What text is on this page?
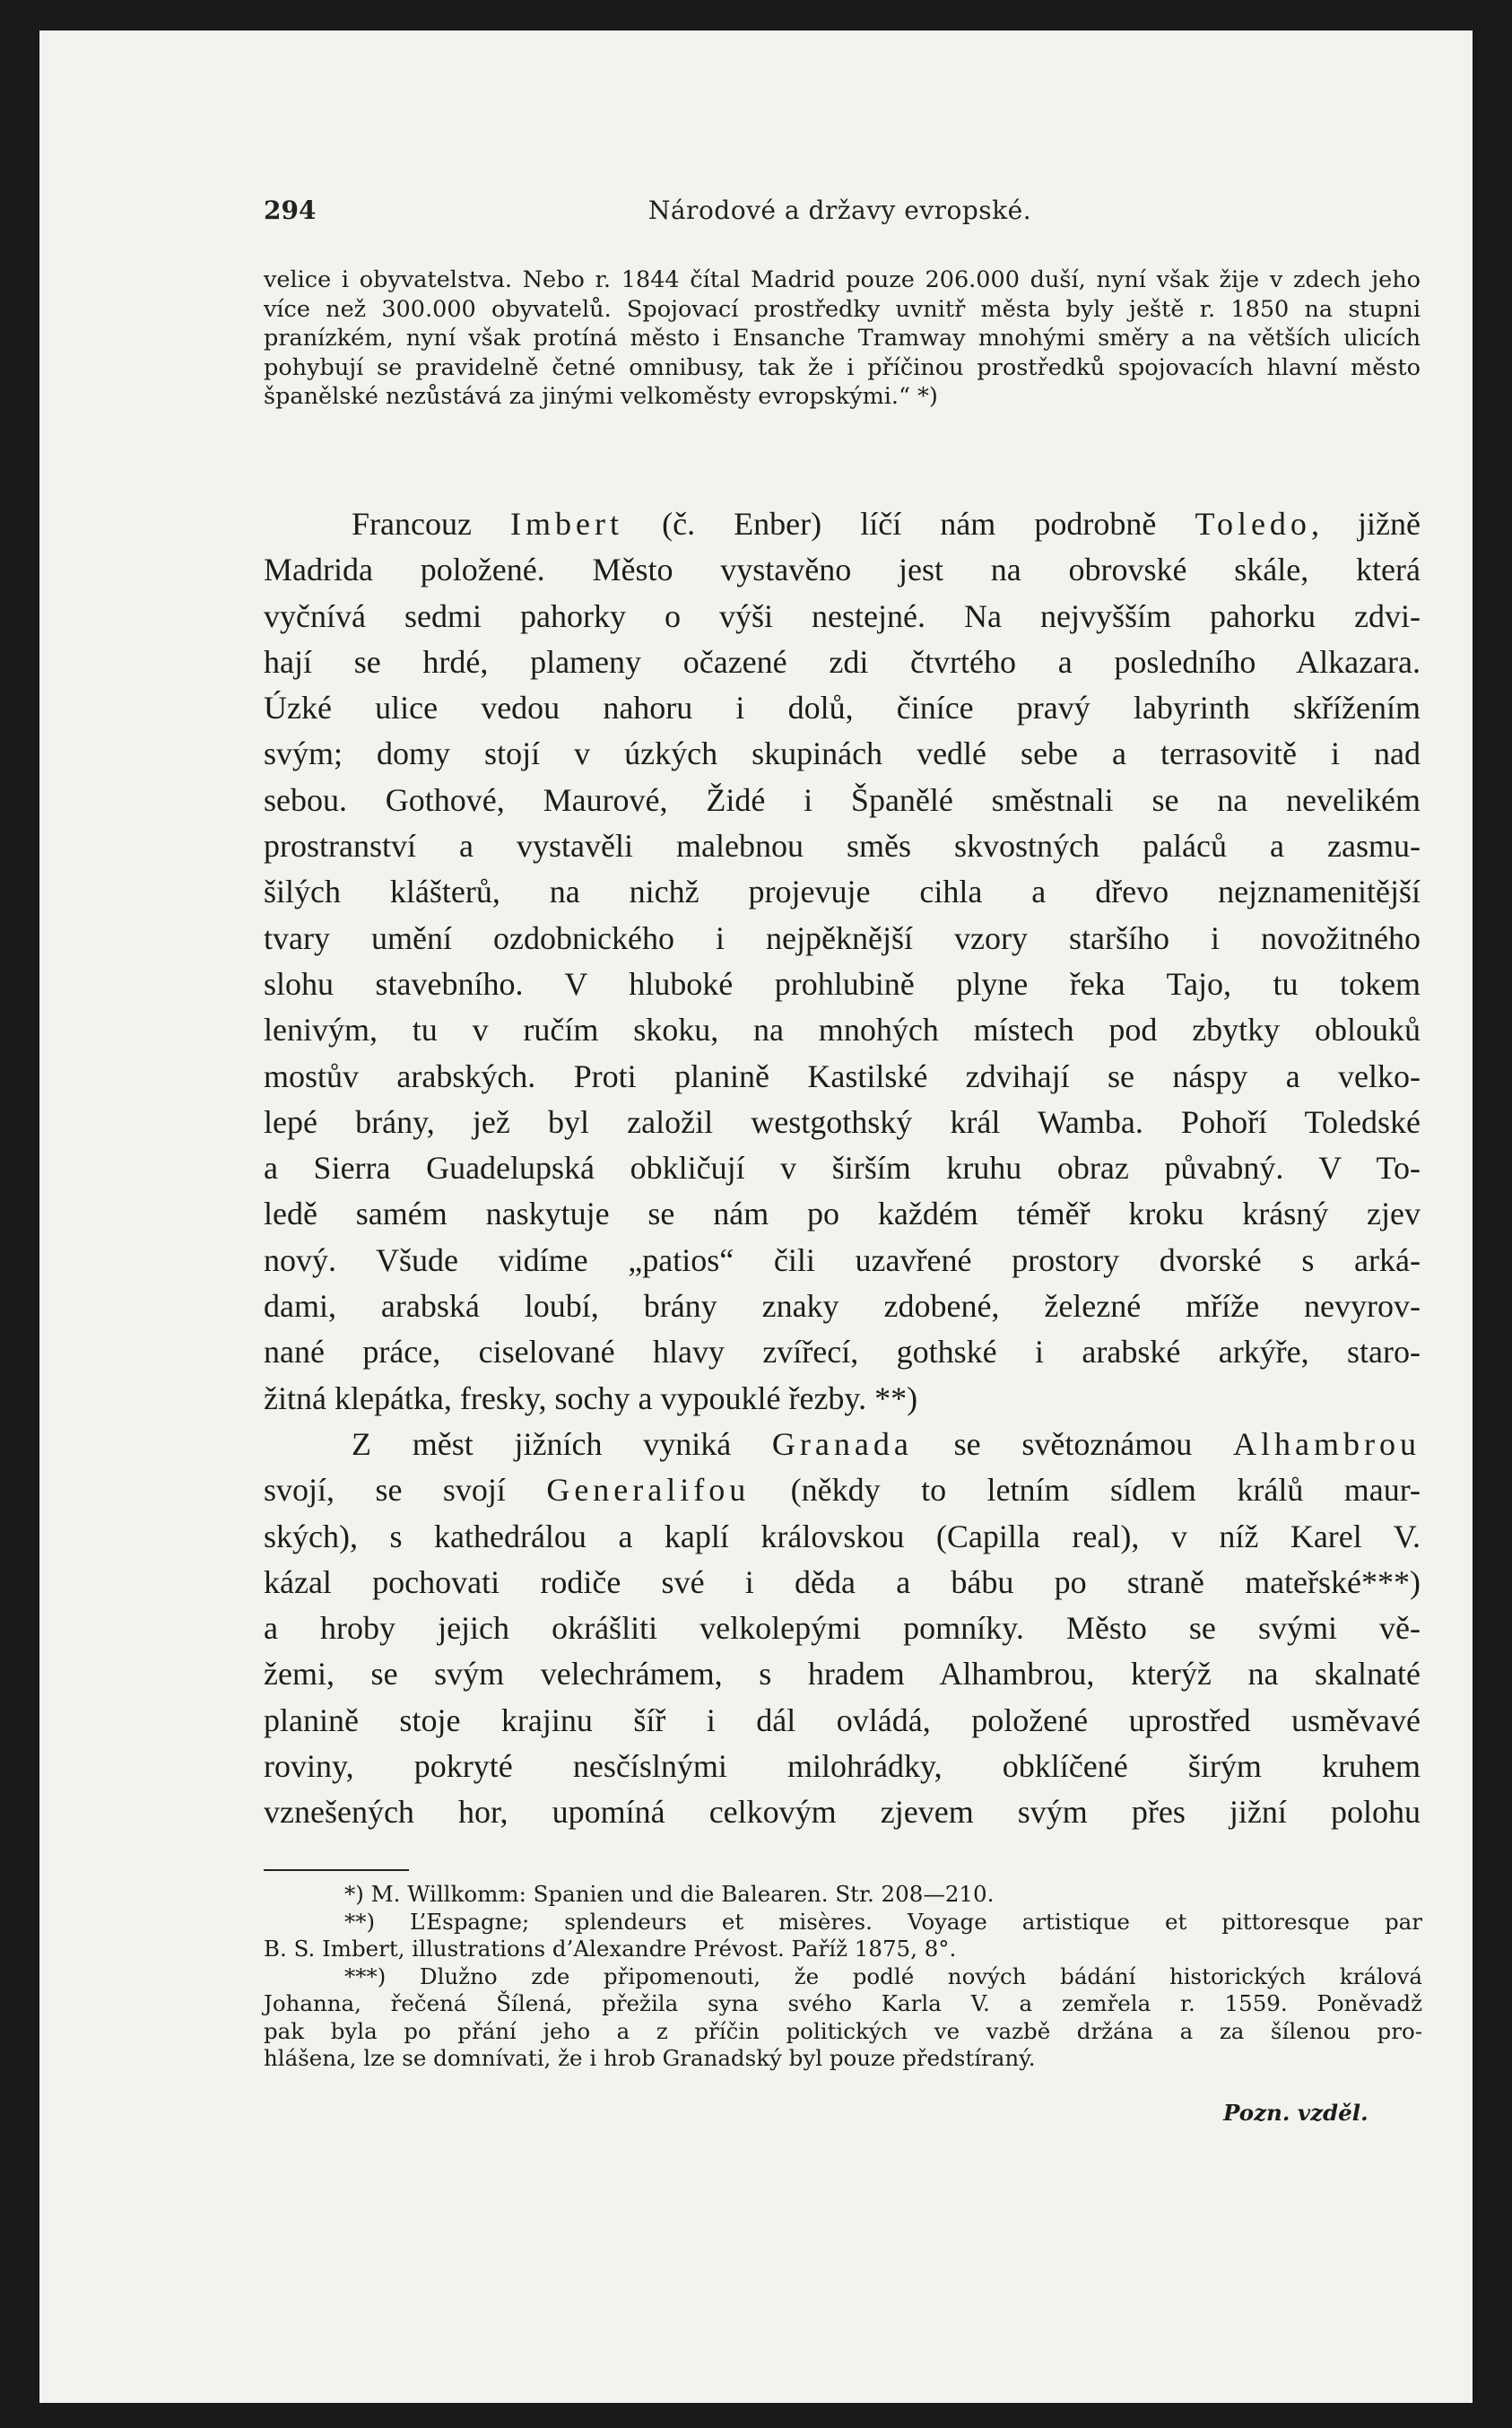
294	Národové a državy evropské.
velice i obyvatelstva. Nebo r. 1844 čítal Madrid pouze 206.000 duší, nyní však žije v zdech jeho více než 300.000 obyvatelů. Spojovací prostředky uvnitř města byly ještě r. 1850 na stupni pranízkém, nyní však protíná město i Ensanche Tramway mnohými směry a na větších ulicích pohybují se pravidelně četné omnibusy, tak že i příčinou prostředků spojovacích hlavní město španělské nezůstává za jinými velkoměsty evropskými.“ *)

Francouz Imbert (č. Enber) líčí nám podrobně Toledo, jižně
Madrida položené. Město vystavěno jest na obrovské skále, která
vyčnívá sedmi pahorky o výši nestejné. Na nejvyšším pahorku zdvi-
hají se hrdé, plameny očazené zdi čtvrtého a posledního Alkazara.
Úzké ulice vedou nahoru i dolů, činíce pravý labyrinth skřížením
svým; domy stojí v úzkých skupinách vedlé sebe a terrasovitě i nad
sebou. Gothové, Maurové, Židé i Španělé směstnali se na nevelikém
prostranství a vystavěli malebnou směs skvostných paláců a zasmu-
šilých klášterů, na nichž projevuje cihla a dřevo nejznamenitější
tvary umění ozdobnického i nejpěknější vzory staršího i novožitného
slohu stavebního. V hluboké prohlubině plyne řeka Tajo, tu tokem
lenivým, tu v ručím skoku, na mnohých místech pod zbytky oblouků
mostův arabských. Proti planině Kastilské zdvihají se náspy a velko-
lepé brány, jež byl založil westgothský král Wamba. Pohoří Toledské
a Sierra Guadelupská obkličují v širším kruhu obraz půvabný. V To-
ledě samém naskytuje se nám po každém téměř kroku krásný zjev
nový. Všude vidíme „patios“ čili uzavřené prostory dvorské s arká-
dami, arabská loubí, brány znaky zdobené, železné mříže nevyrov-
nané práce, ciselované hlavy zvířecí, gothské i arabské arkýře, staro-
žitná klepátka, fresky, sochy a vypouklé řezby. **)

Z měst jižních vyniká Granada se světoznámou Alhambrou
svojí, se svojí Generalifou (někdy to letním sídlem králů maur-
ských), s kathedrálou a kaplí královskou (Capilla real), v níž Karel V.
kázal pochovati rodiče své i děda a bábu po straně mateřské***)
a hroby jejich okrášliti velkolepými pomníky. Město se svými vě-
žemi, se svým velechrámem, s hradem Alhambrou, kterýž na skalnaté
planině stoje krajinu šíř i dál ovládá, položené uprostřed usměvavé
roviny, pokryté nesčíslnými milohrádky, obklíčené širým kruhem
vznešených hor, upomíná celkovým zjevem svým přes jižní polohu

*) M. Willkomm: Spanien und die Balearen. Str. 208—210.
**) L’Espagne; splendeurs et misères. Voyage artistique et pittoresque par
B. S. Imbert, illustrations d’Alexandre Prévost. Paříž 1875, 8°.
***) Dlužno zde připomenouti, že podlé nových bádání historických králová
Johanna, řečená Šílená, přežila syna svého Karla V. a zemřela r. 1559. Poněvadž
pak byla po přání jeho a z příčin politických ve vazbě držána a za šílenou pro-
hlášena, lze se domnívati, že i hrob Granadský byl pouze předstíraný.
Pozn. vzděl.
